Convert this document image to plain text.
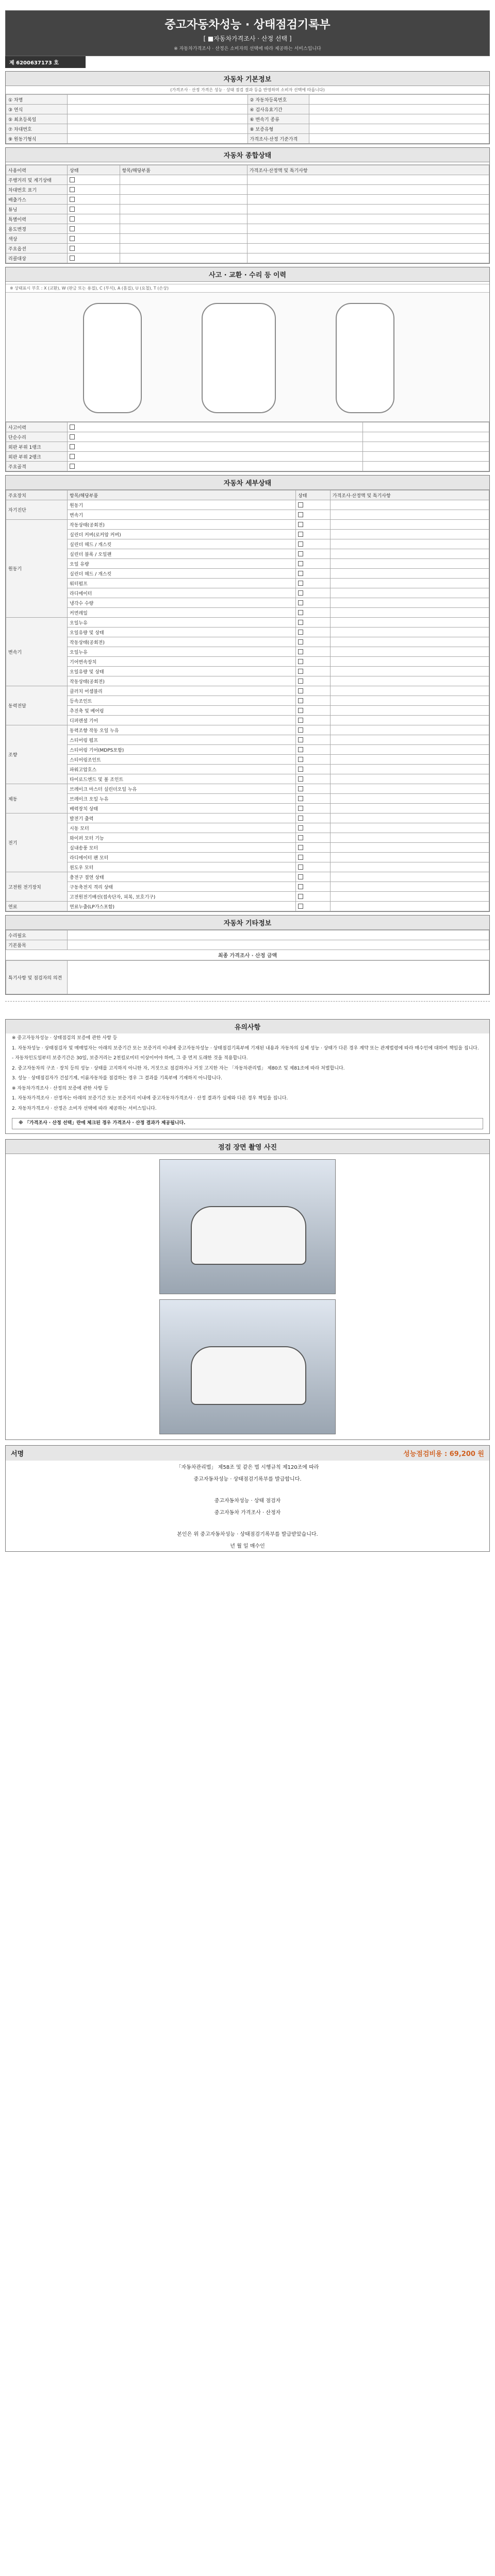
중고자동차성능 · 상태점검기록부
[ ■자동차가격조사 · 산정 선택 ]
※ 자동차가격조사 · 산정은 소비자의 선택에 따라 제공하는 서비스입니다
제 6200637173 호
자동차 기본정보
(가격조사 · 산정 가격은 성능 · 상태 점검 결과 등을 반영하며 소비자 선택에 따릅니다)
① 차명		② 자동차등록번호	
③ 연식		④ 검사유효기간	
⑤ 최초등록일		⑥ 변속기 종류	
⑦ 차대번호		⑧ 보증유형	
⑨ 원동기형식		가격조사·산정 기준가격	
자동차 종합상태
사용이력	상태	항목/해당부품	가격조사·산정액 및 특기사항
주행거리 및 계기상태			
차대번호 표기			
배출가스			
튜닝			
특별이력			
용도변경			
색상			
주요옵션			
리콜대상			
사고 · 교환 · 수리 등 이력
※ 상태표시 부호 : X (교환), W (판금 또는 용접), C (부식), A (흠집), U (요철), T (손상)
사고이력		
단순수리		
외판 부위 1랭크		
외판 부위 2랭크		
주요골격		
자동차 세부상태
주요장치	항목/해당부품	상태	가격조사·산정액 및 특기사항
자기진단	원동기		
	변속기		
원동기	작동상태(공회전)		
	실린더 커버(로커암 커버)		
	실린더 헤드 / 개스킷		
	실린더 블록 / 오일팬		
	오일 유량		
	실린더 헤드 / 개스킷		
	워터펌프		
	라디에이터		
	냉각수 수량		
	커먼레일		
변속기	오일누유		
	오일유량 및 상태		
	작동상태(공회전)		
	오일누유		
	기어변속장치		
	오일유량 및 상태		
	작동상태(공회전)		
동력전달	클러치 어셈블리		
	등속조인트		
	추진축 및 베어링		
	디퍼렌셜 기어		
조향	동력조향 작동 오일 누유		
	스티어링 펌프		
	스티어링 기어(MDPS포함)		
	스티어링조인트		
	파워고압호스		
	타이로드엔드 및 볼 조인트		
제동	브레이크 마스터 실린더오일 누유		
	브레이크 오일 누유		
	배력장치 상태		
전기	발전기 출력		
	시동 모터		
	와이퍼 모터 기능		
	실내송풍 모터		
	라디에이터 팬 모터		
	윈도우 모터		
고전원 전기장치	충전구 절연 상태		
	구동축전지 격리 상태		
	고전원전기배선(접속단자, 피복, 보호기구)		
연료	연료누출(LP가스포함)		
자동차 기타정보
수리필요	
기본품목	
최종 가격조사 · 산정 금액
특기사항 및 점검자의 의견	
유의사항

※ 중고자동차성능 · 상태점검의 보증에 관한 사항 등

1. 자동차성능 · 상태점검자 및 매매업자는 아래의 보증기간 또는 보증거리 이내에 중고자동차성능 · 상태점검기록부에 기재된 내용과 자동차의 실제 성능 · 상태가 다른 경우 계약 또는 관계법령에 따라 매수인에 대하여 책임을 집니다.

- 자동차인도일부터 보증기간은 30일, 보증거리는 2천킬로미터 이상이어야 하며, 그 중 먼저 도래한 것을 적용합니다.

2. 중고자동차의 구조 · 장치 등의 성능 · 상태를 고지하지 아니한 자, 거짓으로 점검하거나 거짓 고지한 자는 「자동차관리법」 제80조 및 제81조에 따라 처벌합니다.

3. 성능 · 상태점검자가 건설기계, 이륜자동차를 점검하는 경우 그 결과를 기록부에 기재하지 아니합니다.

※ 자동차가격조사 · 산정의 보증에 관한 사항 등

1. 자동차가격조사 · 산정자는 아래의 보증기간 또는 보증거리 이내에 중고자동차가격조사 · 산정 결과가 실제와 다른 경우 책임을 집니다.

2. 자동차가격조사 · 산정은 소비자 선택에 따라 제공하는 서비스입니다.

※ 「가격조사 · 산정 선택」란에 체크된 경우 가격조사 · 산정 결과가 제공됩니다.

점검 장면 촬영 사진
서명	성능점검비용 : 69,200 원

「자동차관리법」 제58조 및 같은 법 시행규칙 제120조에 따라

중고자동차성능 · 상태점검기록부를 발급합니다.

중고자동차성능 · 상태 점검자

중고자동차 가격조사 · 산정자

본인은 위 중고자동차성능 · 상태점검기록부를 발급받았습니다.

년 월 일 매수인
